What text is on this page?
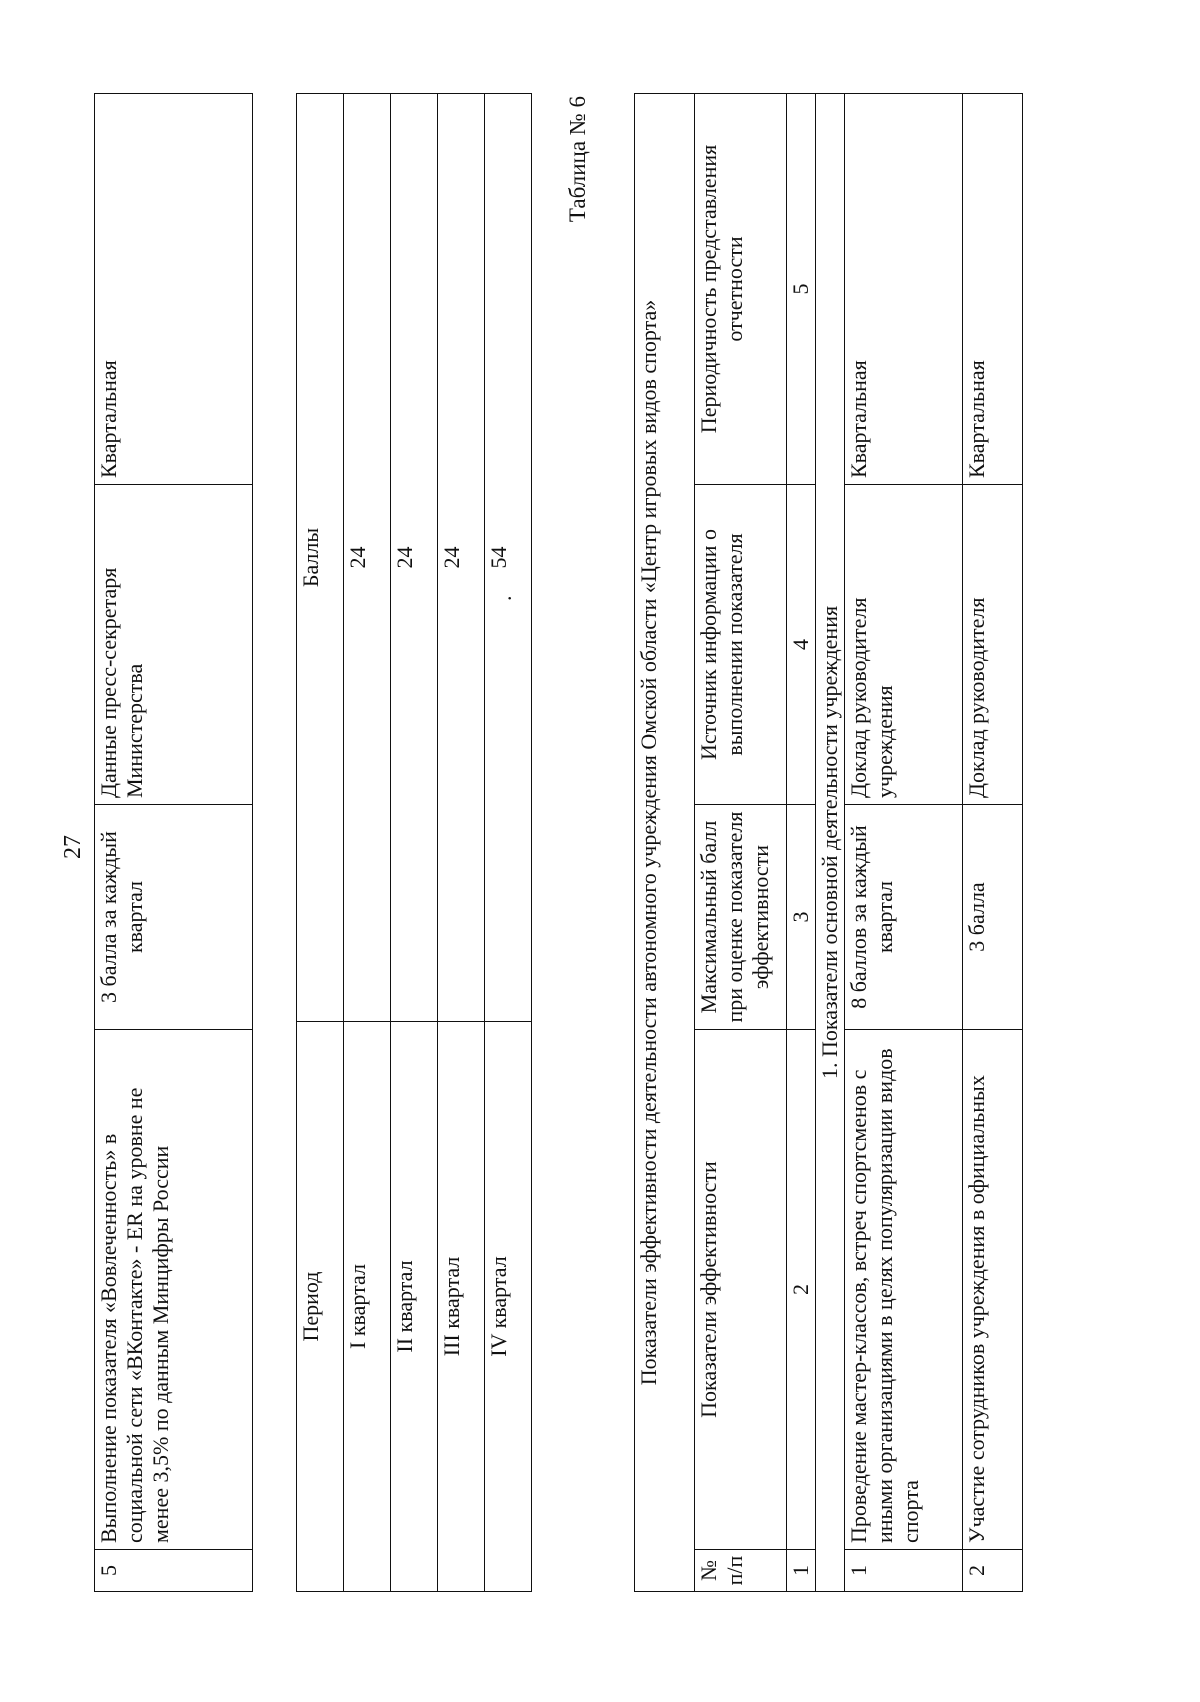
27
5	Выполнение показателя «Вовлеченность» в социальной сети «ВКонтакте» - ER на уровне не менее 3,5% по данным Минцифры России	3 балла за каждый квартал	Данные пресс-секретаря Министерства	Квартальная
Период	Баллы
I квартал	24
II квартал	24
III квартал	24
IV квартал	54
.
Таблица № 6
Показатели эффективности деятельности автономного учреждения Омской области «Центр игровых видов спорта»				
№ п/п	Показатели эффективности	Максимальный балл при оценке показателя эффективности	Источник информации о выполнении показателя	Периодичность представления отчетности
1	2	3	4	5
1. Показатели основной деятельности учреждения				
1	Проведение мастер-классов, встреч спортсменов с иными организациями в целях популяризации видов спорта	8 баллов за каждый квартал	Доклад руководителя учреждения	Квартальная
2	Участие сотрудников учреждения в официальных	3 балла	Доклад руководителя	Квартальная
